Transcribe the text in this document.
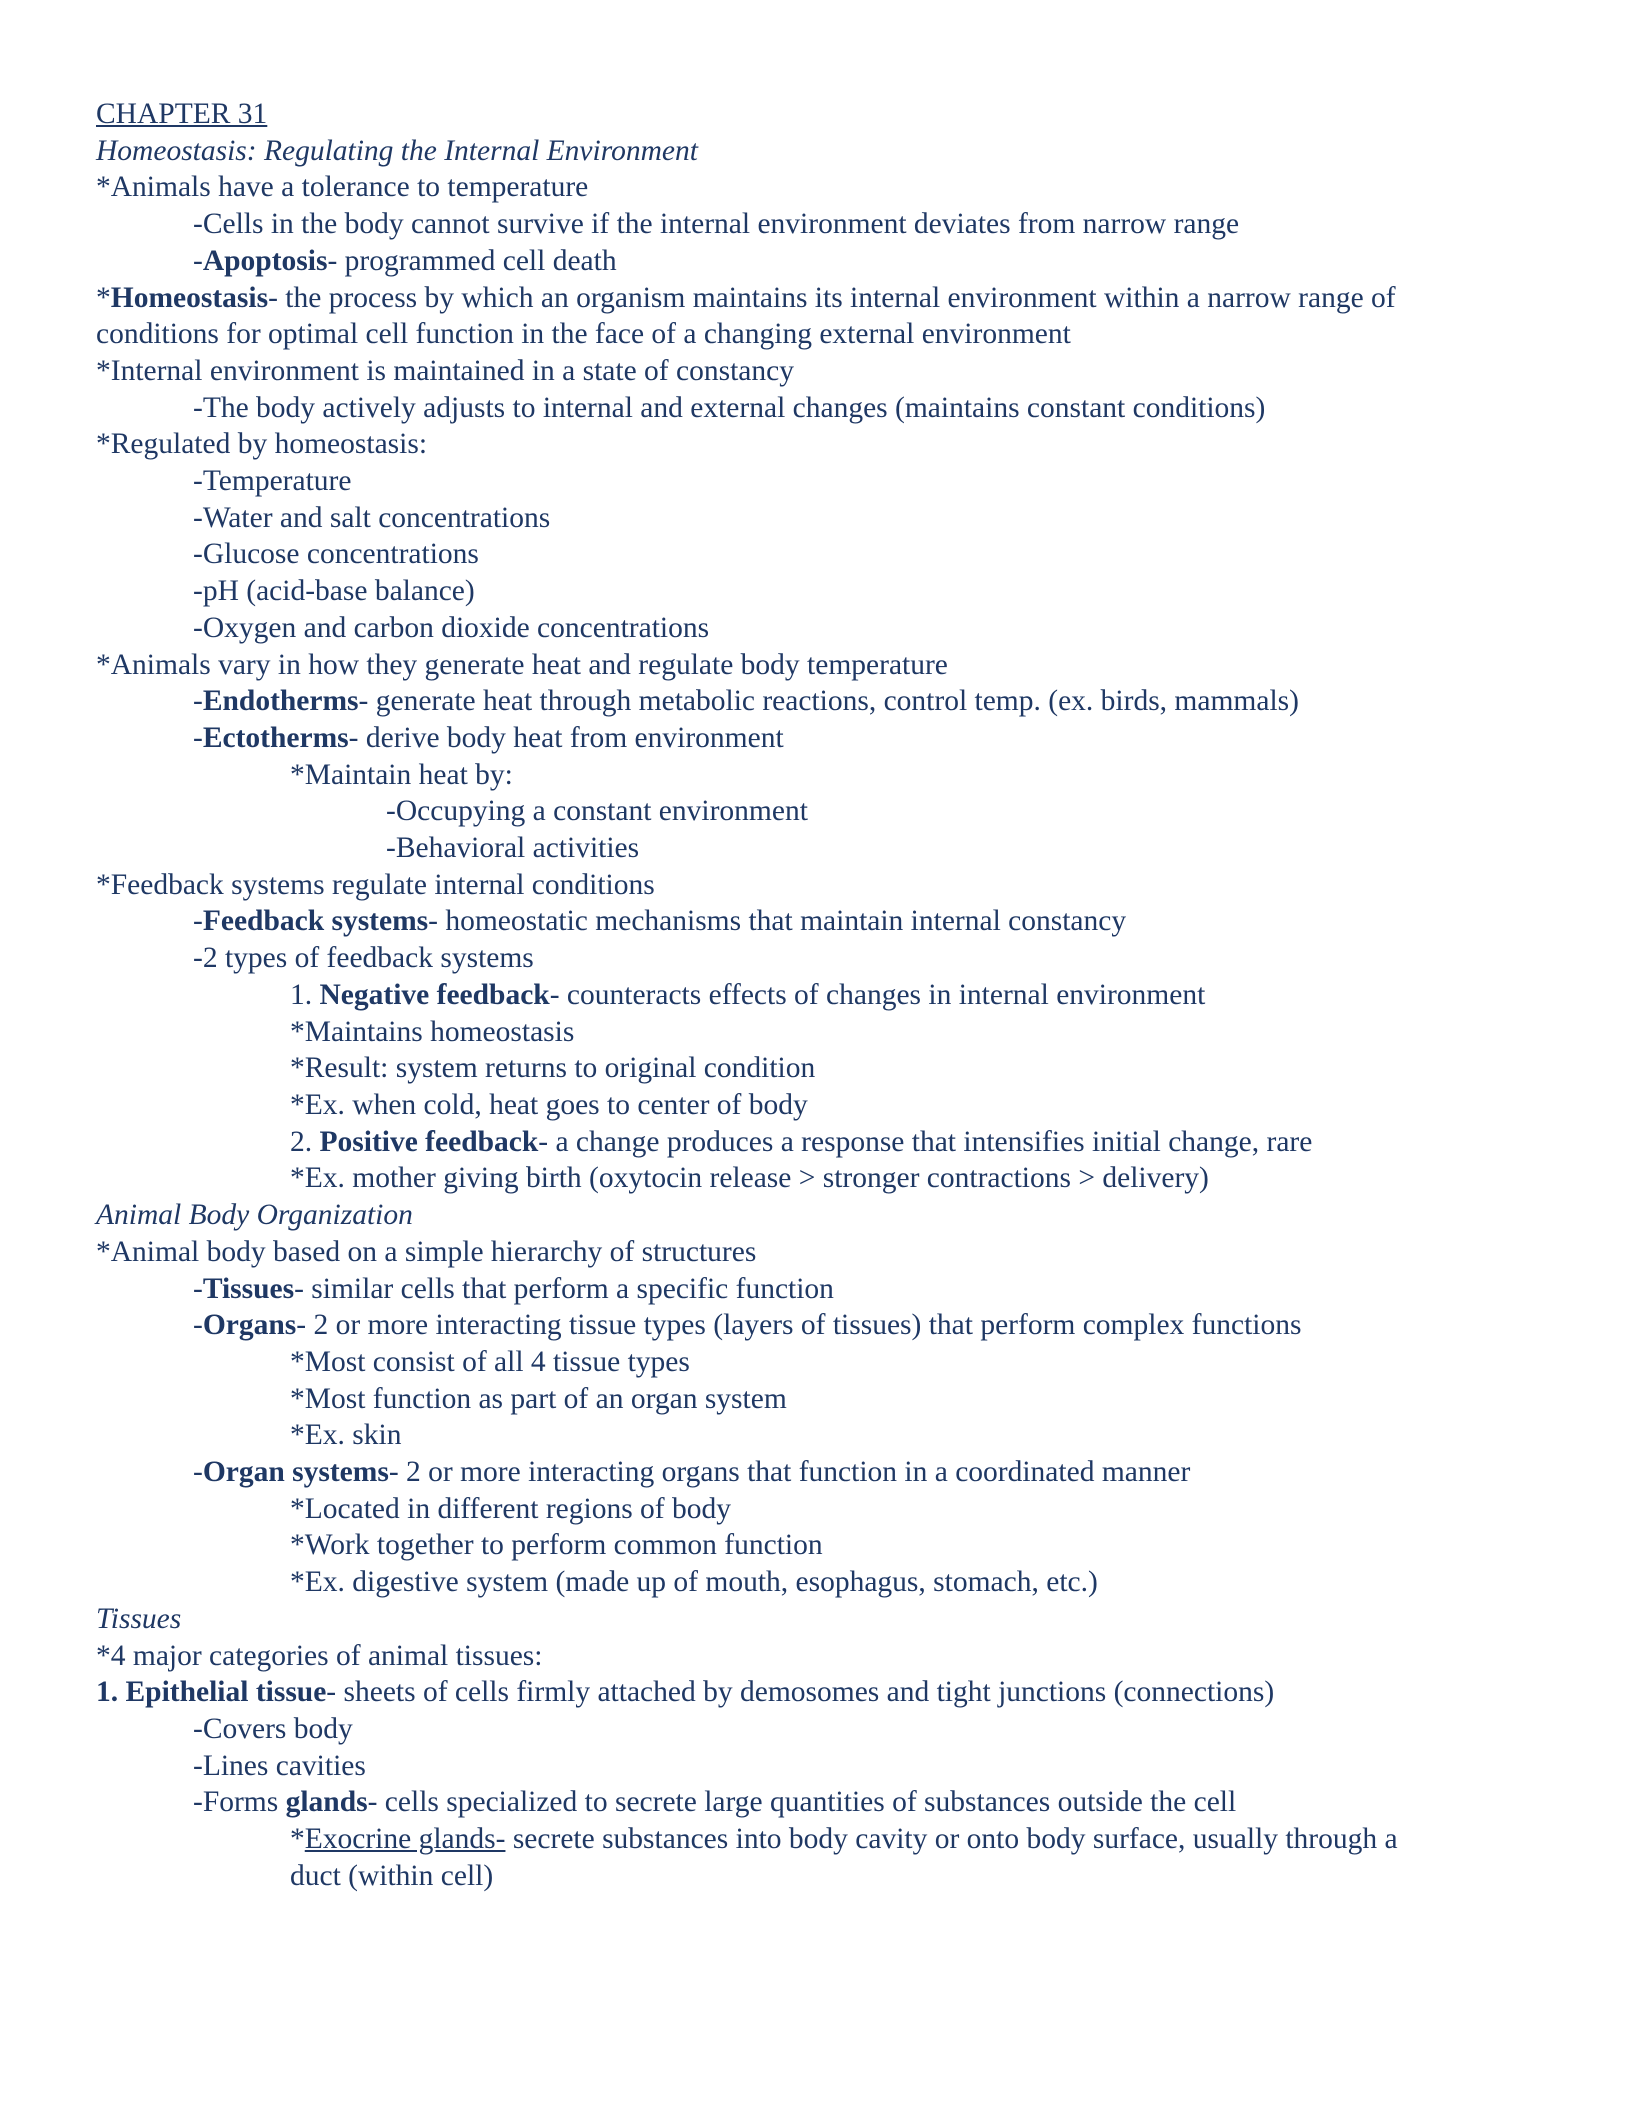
CHAPTER 31

Homeostasis: Regulating the Internal Environment

*Animals have a tolerance to temperature

-Cells in the body cannot survive if the internal environment deviates from narrow range

-Apoptosis- programmed cell death

*Homeostasis- the process by which an organism maintains its internal environment within a narrow range of conditions for optimal cell function in the face of a changing external environment

*Internal environment is maintained in a state of constancy

-The body actively adjusts to internal and external changes (maintains constant conditions)

*Regulated by homeostasis:

-Temperature

-Water and salt concentrations

-Glucose concentrations

-pH (acid-base balance)

-Oxygen and carbon dioxide concentrations

*Animals vary in how they generate heat and regulate body temperature

-Endotherms- generate heat through metabolic reactions, control temp. (ex. birds, mammals)

-Ectotherms- derive body heat from environment

*Maintain heat by:

-Occupying a constant environment

-Behavioral activities

*Feedback systems regulate internal conditions

-Feedback systems- homeostatic mechanisms that maintain internal constancy

-2 types of feedback systems

1. Negative feedback- counteracts effects of changes in internal environment

*Maintains homeostasis

*Result: system returns to original condition

*Ex. when cold, heat goes to center of body

2. Positive feedback- a change produces a response that intensifies initial change, rare

*Ex. mother giving birth (oxytocin release > stronger contractions > delivery)

Animal Body Organization

*Animal body based on a simple hierarchy of structures

-Tissues- similar cells that perform a specific function

-Organs- 2 or more interacting tissue types (layers of tissues) that perform complex functions

*Most consist of all 4 tissue types

*Most function as part of an organ system

*Ex. skin

-Organ systems- 2 or more interacting organs that function in a coordinated manner

*Located in different regions of body

*Work together to perform common function

*Ex. digestive system (made up of mouth, esophagus, stomach, etc.)

Tissues

*4 major categories of animal tissues:

1. Epithelial tissue- sheets of cells firmly attached by demosomes and tight junctions (connections)

-Covers body

-Lines cavities

-Forms glands- cells specialized to secrete large quantities of substances outside the cell

*Exocrine glands- secrete substances into body cavity or onto body surface, usually through a duct (within cell)
